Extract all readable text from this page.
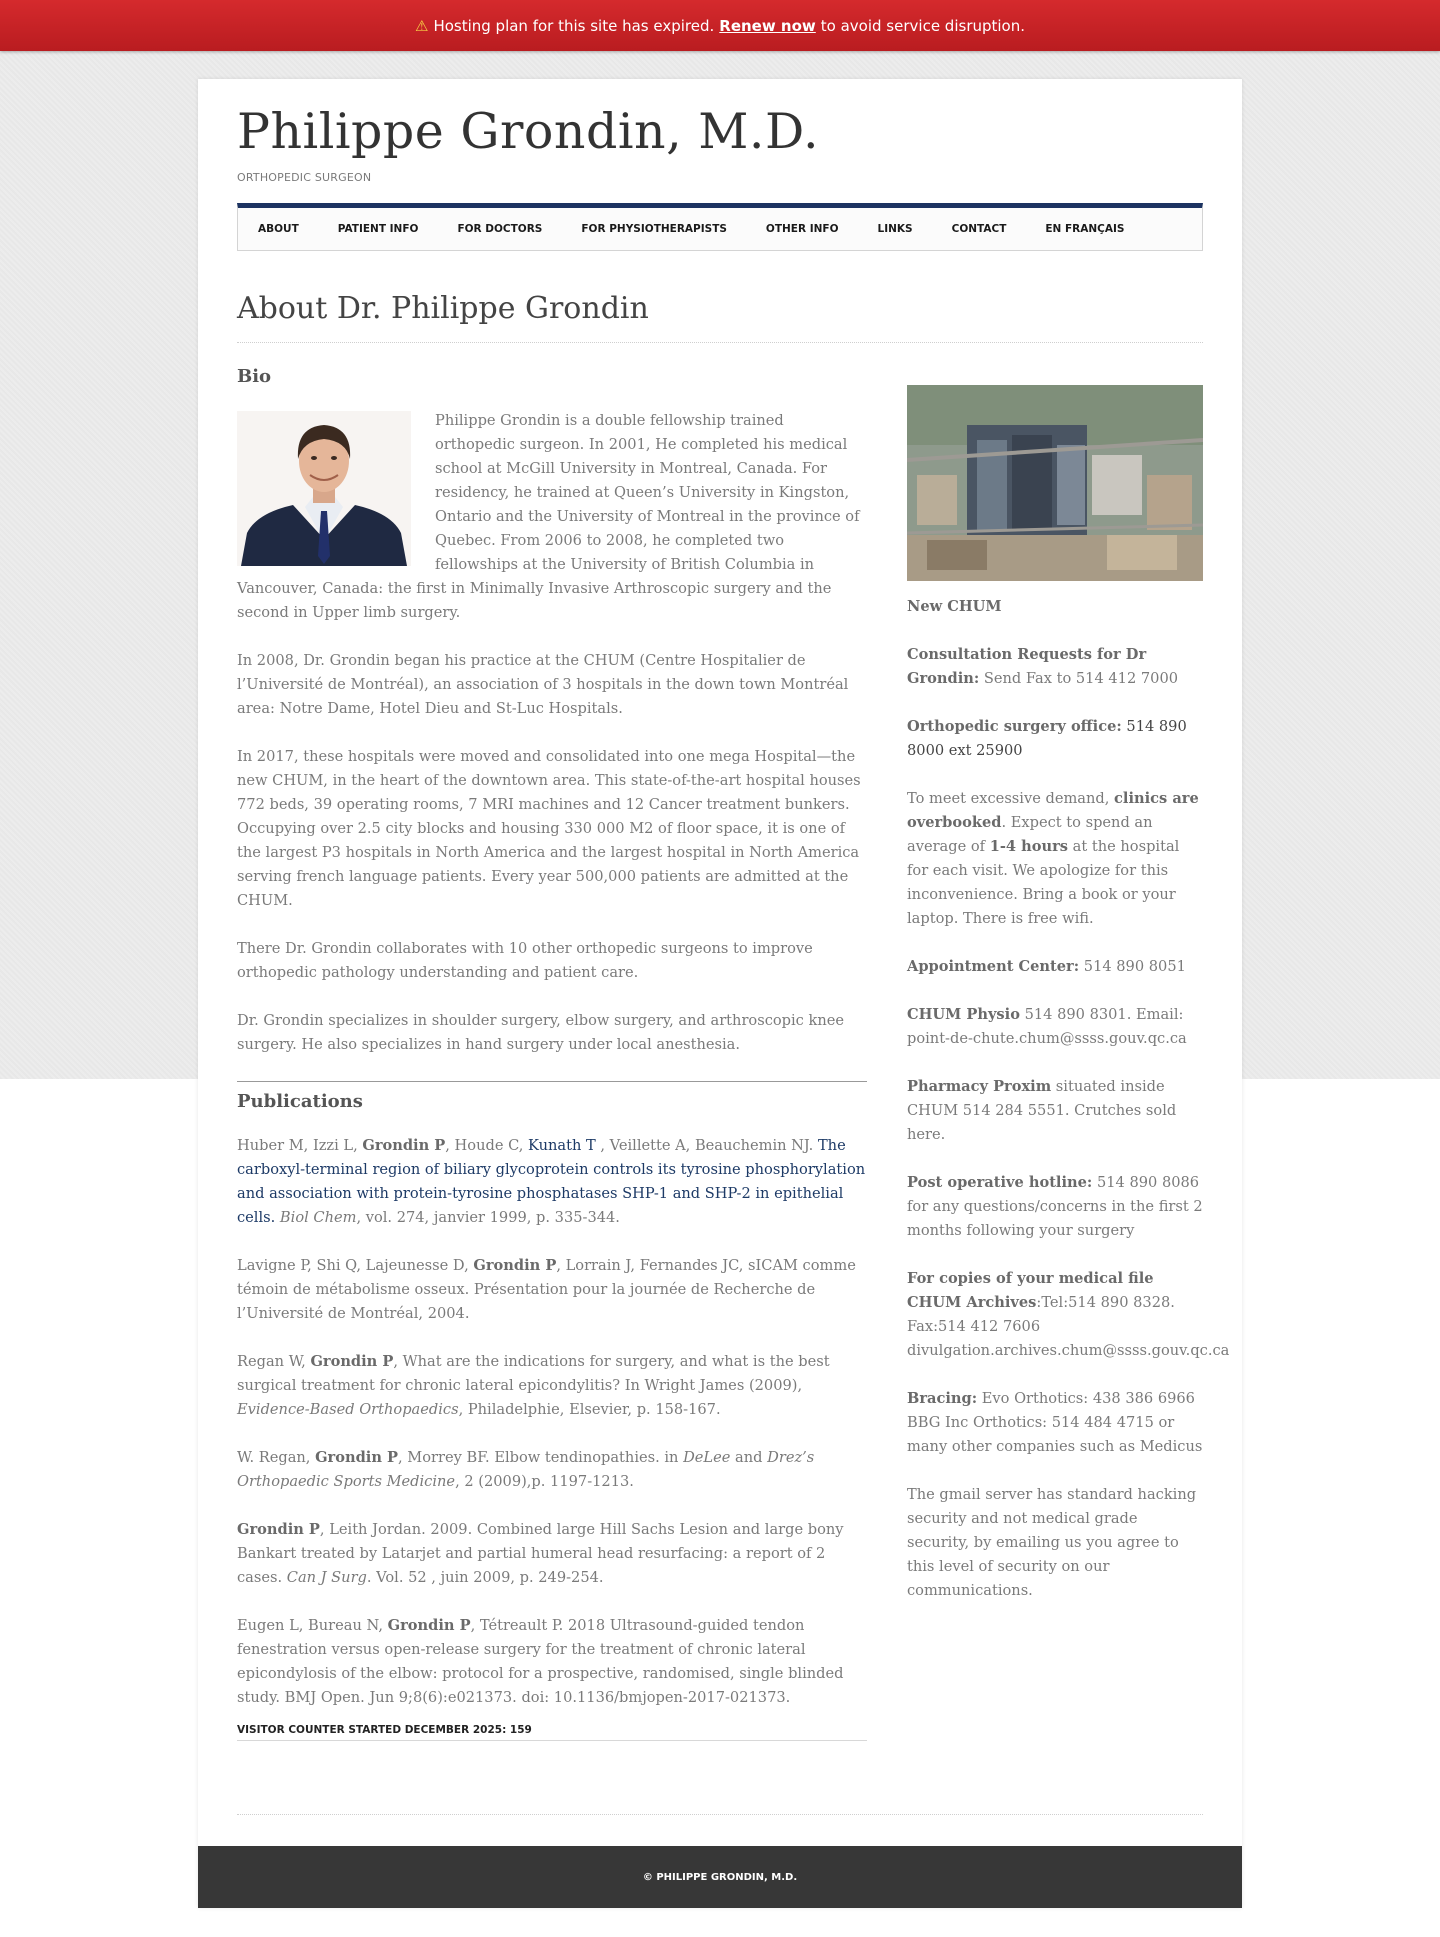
⚠ Hosting plan for this site has expired. Renew now to avoid service disruption.
Philippe Grondin, M.D.
ORTHOPEDIC SURGEON
ABOUT	PATIENT INFO	FOR DOCTORS	FOR PHYSIOTHERAPISTS	OTHER INFO	LINKS	CONTACT	EN FRANÇAIS
About Dr. Philippe Grondin
Bio

Philippe Grondin is a double fellowship trained orthopedic surgeon. In 2001, He completed his medical school at McGill University in Montreal, Canada. For residency, he trained at Queen’s University in Kingston, Ontario and the University of Montreal in the province of Quebec. From 2006 to 2008, he completed two fellowships at the University of British Columbia in Vancouver, Canada: the first in Minimally Invasive Arthroscopic surgery and the second in Upper limb surgery.

In 2008, Dr. Grondin began his practice at the CHUM (Centre Hospitalier de l’Université de Montréal), an association of 3 hospitals in the down town Montréal area: Notre Dame, Hotel Dieu and St-Luc Hospitals.

In 2017, these hospitals were moved and consolidated into one mega Hospital—the new CHUM, in the heart of the downtown area. This state-of-the-art hospital houses 772 beds, 39 operating rooms, 7 MRI machines and 12 Cancer treatment bunkers. Occupying over 2.5 city blocks and housing 330 000 M2 of floor space, it is one of the largest P3 hospitals in North America and the largest hospital in North America serving french language patients. Every year 500,000 patients are admitted at the CHUM.

There Dr. Grondin collaborates with 10 other orthopedic surgeons to improve orthopedic pathology understanding and patient care.

Dr. Grondin specializes in shoulder surgery, elbow surgery, and arthroscopic knee surgery. He also specializes in hand surgery under local anesthesia.

Publications

Huber M, Izzi L, Grondin P, Houde C, Kunath T , Veillette A, Beauchemin NJ. The carboxyl-terminal region of biliary glycoprotein controls its tyrosine phosphorylation and association with protein-tyrosine phosphatases SHP-1 and SHP-2 in epithelial cells. Biol Chem, vol. 274, janvier 1999, p. 335-344.

Lavigne P, Shi Q, Lajeunesse D, Grondin P, Lorrain J, Fernandes JC, sICAM comme témoin de métabolisme osseux. Présentation pour la journée de Recherche de l’Université de Montréal, 2004.

Regan W, Grondin P, What are the indications for surgery, and what is the best surgical treatment for chronic lateral epicondylitis? In Wright James (2009), Evidence-Based Orthopaedics, Philadelphie, Elsevier, p. 158-167.

W. Regan, Grondin P, Morrey BF. Elbow tendinopathies. in DeLee and Drez’s Orthopaedic Sports Medicine, 2 (2009),p. 1197-1213.

Grondin P, Leith Jordan. 2009. Combined large Hill Sachs Lesion and large bony Bankart treated by Latarjet and partial humeral head resurfacing: a report of 2 cases. Can J Surg. Vol. 52 , juin 2009, p. 249-254.

Eugen L, Bureau N, Grondin P, Tétreault P. 2018 Ultrasound-guided tendon fenestration versus open-release surgery for the treatment of chronic lateral epicondylosis of the elbow: protocol for a prospective, randomised, single blinded study. BMJ Open. Jun 9;8(6):e021373. doi: 10.1136/bmjopen-2017-021373.

VISITOR COUNTER STARTED DECEMBER 2025: 159

New CHUM

Consultation Requests for Dr Grondin: Send Fax to 514 412 7000

Orthopedic surgery office: 514 890 8000 ext 25900

To meet excessive demand, clinics are overbooked. Expect to spend an average of 1-4 hours at the hospital for each visit. We apologize for this inconvenience. Bring a book or your laptop. There is free wifi.

Appointment Center: 514 890 8051

CHUM Physio 514 890 8301. Email: point-de-chute.chum@ssss.gouv.qc.ca

Pharmacy Proxim situated inside CHUM 514 284 5551. Crutches sold here.

Post operative hotline: 514 890 8086 for any questions/concerns in the first 2 months following your surgery

For copies of your medical file CHUM Archives:Tel:514 890 8328. Fax:514 412 7606 divulgation.archives.chum@ssss.gouv.qc.ca

Bracing: Evo Orthotics: 438 386 6966 BBG Inc Orthotics: 514 484 4715 or many other companies such as Medicus

The gmail server has standard hacking security and not medical grade security, by emailing us you agree to this level of security on our communications.

© PHILIPPE GRONDIN, M.D.
